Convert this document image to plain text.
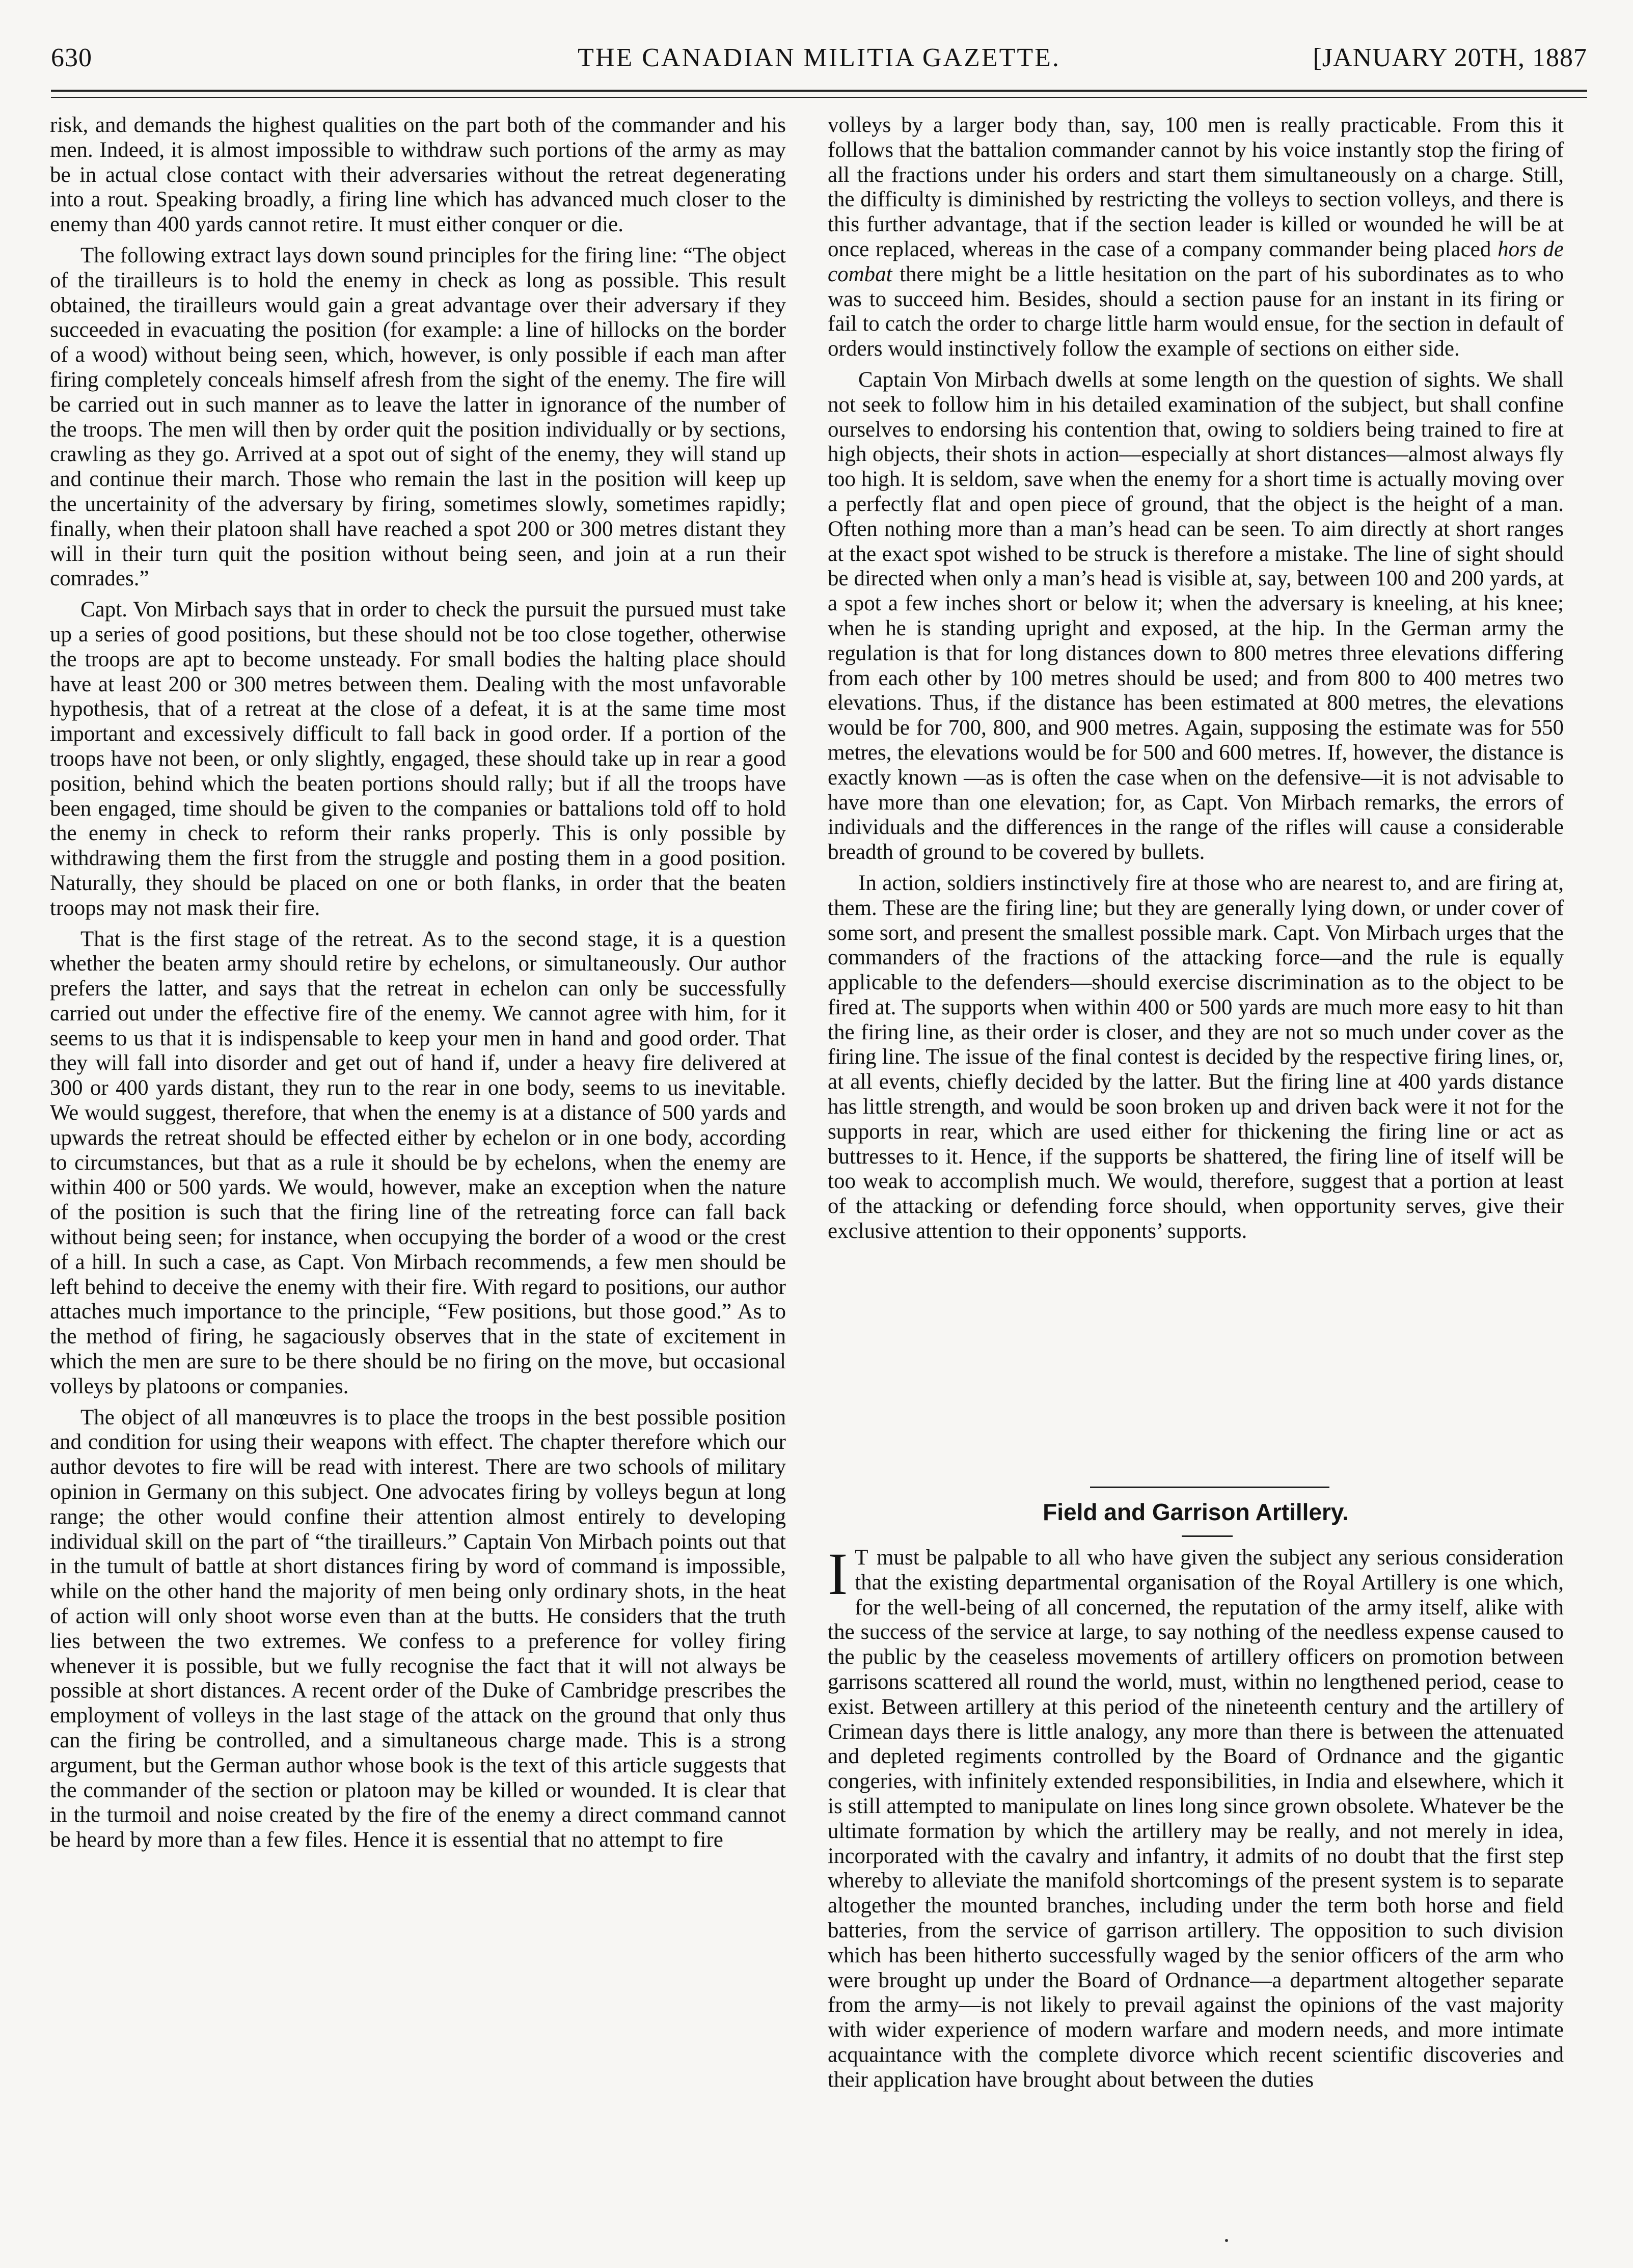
630	THE CANADIAN MILITIA GAZETTE.	[JANUARY 20TH, 1887

risk, and demands the highest qualities on the part both of the commander and his men. Indeed, it is almost impossible to withdraw such portions of the army as may be in actual close contact with their adversaries without the retreat degenerating into a rout. Speaking broadly, a firing line which has advanced much closer to the enemy than 400 yards cannot retire. It must either conquer or die.

The following extract lays down sound principles for the firing line: “The object of the tirailleurs is to hold the enemy in check as long as possible. This result obtained, the tirailleurs would gain a great advantage over their adversary if they succeeded in evacuating the position (for example: a line of hillocks on the border of a wood) without being seen, which, however, is only possible if each man after firing completely conceals himself afresh from the sight of the enemy. The fire will be carried out in such manner as to leave the latter in ignorance of the number of the troops. The men will then by order quit the position individually or by sections, crawling as they go. Arrived at a spot out of sight of the enemy, they will stand up and continue their march. Those who remain the last in the position will keep up the uncertainity of the adversary by firing, sometimes slowly, sometimes rapidly; finally, when their platoon shall have reached a spot 200 or 300 metres distant they will in their turn quit the position without being seen, and join at a run their comrades.”

Capt. Von Mirbach says that in order to check the pursuit the pursued must take up a series of good positions, but these should not be too close together, otherwise the troops are apt to become unsteady. For small bodies the halting place should have at least 200 or 300 metres between them. Dealing with the most unfavorable hypothesis, that of a retreat at the close of a defeat, it is at the same time most important and excessively difficult to fall back in good order. If a portion of the troops have not been, or only slightly, engaged, these should take up in rear a good position, behind which the beaten portions should rally; but if all the troops have been engaged, time should be given to the companies or battalions told off to hold the enemy in check to reform their ranks properly. This is only possible by withdrawing them the first from the struggle and posting them in a good position. Naturally, they should be placed on one or both flanks, in order that the beaten troops may not mask their fire.

That is the first stage of the retreat. As to the second stage, it is a question whether the beaten army should retire by echelons, or simultaneously. Our author prefers the latter, and says that the retreat in echelon can only be successfully carried out under the effective fire of the enemy. We cannot agree with him, for it seems to us that it is indispensable to keep your men in hand and good order. That they will fall into disorder and get out of hand if, under a heavy fire delivered at 300 or 400 yards distant, they run to the rear in one body, seems to us inevitable. We would suggest, therefore, that when the enemy is at a distance of 500 yards and upwards the retreat should be effected either by echelon or in one body, according to circumstances, but that as a rule it should be by echelons, when the enemy are within 400 or 500 yards. We would, however, make an exception when the nature of the position is such that the firing line of the retreating force can fall back without being seen; for instance, when occupying the border of a wood or the crest of a hill. In such a case, as Capt. Von Mirbach recommends, a few men should be left behind to deceive the enemy with their fire. With regard to positions, our author attaches much importance to the principle, “Few positions, but those good.” As to the method of firing, he sagaciously observes that in the state of excitement in which the men are sure to be there should be no firing on the move, but occasional volleys by platoons or companies.

The object of all manœuvres is to place the troops in the best possible position and condition for using their weapons with effect. The chapter therefore which our author devotes to fire will be read with interest. There are two schools of military opinion in Germany on this subject. One advocates firing by volleys begun at long range; the other would confine their attention almost entirely to developing individual skill on the part of “the tirailleurs.” Captain Von Mirbach points out that in the tumult of battle at short distances firing by word of command is impossible, while on the other hand the majority of men being only ordinary shots, in the heat of action will only shoot worse even than at the butts. He considers that the truth lies between the two extremes. We confess to a preference for volley firing whenever it is possible, but we fully recognise the fact that it will not always be possible at short distances. A recent order of the Duke of Cambridge prescribes the employment of volleys in the last stage of the attack on the ground that only thus can the firing be controlled, and a simultaneous charge made. This is a strong argument, but the German author whose book is the text of this article suggests that the commander of the section or platoon may be killed or wounded. It is clear that in the turmoil and noise created by the fire of the enemy a direct command cannot be heard by more than a few files. Hence it is essential that no attempt to fire

volleys by a larger body than, say, 100 men is really practicable. From this it follows that the battalion commander cannot by his voice instantly stop the firing of all the fractions under his orders and start them simultaneously on a charge. Still, the difficulty is diminished by restricting the volleys to section volleys, and there is this further advantage, that if the section leader is killed or wounded he will be at once replaced, whereas in the case of a company commander being placed hors de combat there might be a little hesitation on the part of his subordinates as to who was to succeed him. Besides, should a section pause for an instant in its firing or fail to catch the order to charge little harm would ensue, for the section in default of orders would instinctively follow the example of sections on either side.

Captain Von Mirbach dwells at some length on the question of sights. We shall not seek to follow him in his detailed examination of the subject, but shall confine ourselves to endorsing his contention that, owing to soldiers being trained to fire at high objects, their shots in action—especially at short distances—almost always fly too high. It is seldom, save when the enemy for a short time is actually moving over a perfectly flat and open piece of ground, that the object is the height of a man. Often nothing more than a man’s head can be seen. To aim directly at short ranges at the exact spot wished to be struck is therefore a mistake. The line of sight should be directed when only a man’s head is visible at, say, between 100 and 200 yards, at a spot a few inches short or below it; when the adversary is kneeling, at his knee; when he is standing upright and exposed, at the hip. In the German army the regulation is that for long distances down to 800 metres three elevations differing from each other by 100 metres should be used; and from 800 to 400 metres two elevations. Thus, if the distance has been estimated at 800 metres, the elevations would be for 700, 800, and 900 metres. Again, supposing the estimate was for 550 metres, the elevations would be for 500 and 600 metres. If, however, the distance is exactly known —as is often the case when on the defensive—it is not advisable to have more than one elevation; for, as Capt. Von Mirbach remarks, the errors of individuals and the differences in the range of the rifles will cause a considerable breadth of ground to be covered by bullets.

In action, soldiers instinctively fire at those who are nearest to, and are firing at, them. These are the firing line; but they are generally lying down, or under cover of some sort, and present the smallest possible mark. Capt. Von Mirbach urges that the commanders of the fractions of the attacking force—and the rule is equally applicable to the defenders—should exercise discrimination as to the object to be fired at. The supports when within 400 or 500 yards are much more easy to hit than the firing line, as their order is closer, and they are not so much under cover as the firing line. The issue of the final contest is decided by the respective firing lines, or, at all events, chiefly decided by the latter. But the firing line at 400 yards distance has little strength, and would be soon broken up and driven back were it not for the supports in rear, which are used either for thickening the firing line or act as buttresses to it. Hence, if the supports be shattered, the firing line of itself will be too weak to accomplish much. We would, therefore, suggest that a portion at least of the attacking or defending force should, when opportunity serves, give their exclusive attention to their opponents’ supports.

Field and Garrison Artillery.

I T must be palpable to all who have given the subject any serious consideration that the existing departmental organisation of the Royal Artillery is one which, for the well-being of all concerned, the reputation of the army itself, alike with the success of the service at large, to say nothing of the needless expense caused to the public by the ceaseless movements of artillery officers on promotion between garrisons scattered all round the world, must, within no lengthened period, cease to exist. Between artillery at this period of the nineteenth century and the artillery of Crimean days there is little analogy, any more than there is between the attenuated and depleted regiments controlled by the Board of Ordnance and the gigantic congeries, with infinitely extended responsibilities, in India and elsewhere, which it is still attempted to manipulate on lines long since grown obsolete. Whatever be the ultimate formation by which the artillery may be really, and not merely in idea, incorporated with the cavalry and infantry, it admits of no doubt that the first step whereby to alleviate the manifold shortcomings of the present system is to separate altogether the mounted branches, including under the term both horse and field batteries, from the service of garrison artillery. The opposition to such division which has been hitherto successfully waged by the senior officers of the arm who were brought up under the Board of Ordnance—a department altogether separate from the army—is not likely to prevail against the opinions of the vast majority with wider experience of modern warfare and modern needs, and more intimate acquaintance with the complete divorce which recent scientific discoveries and their application have brought about between the duties
